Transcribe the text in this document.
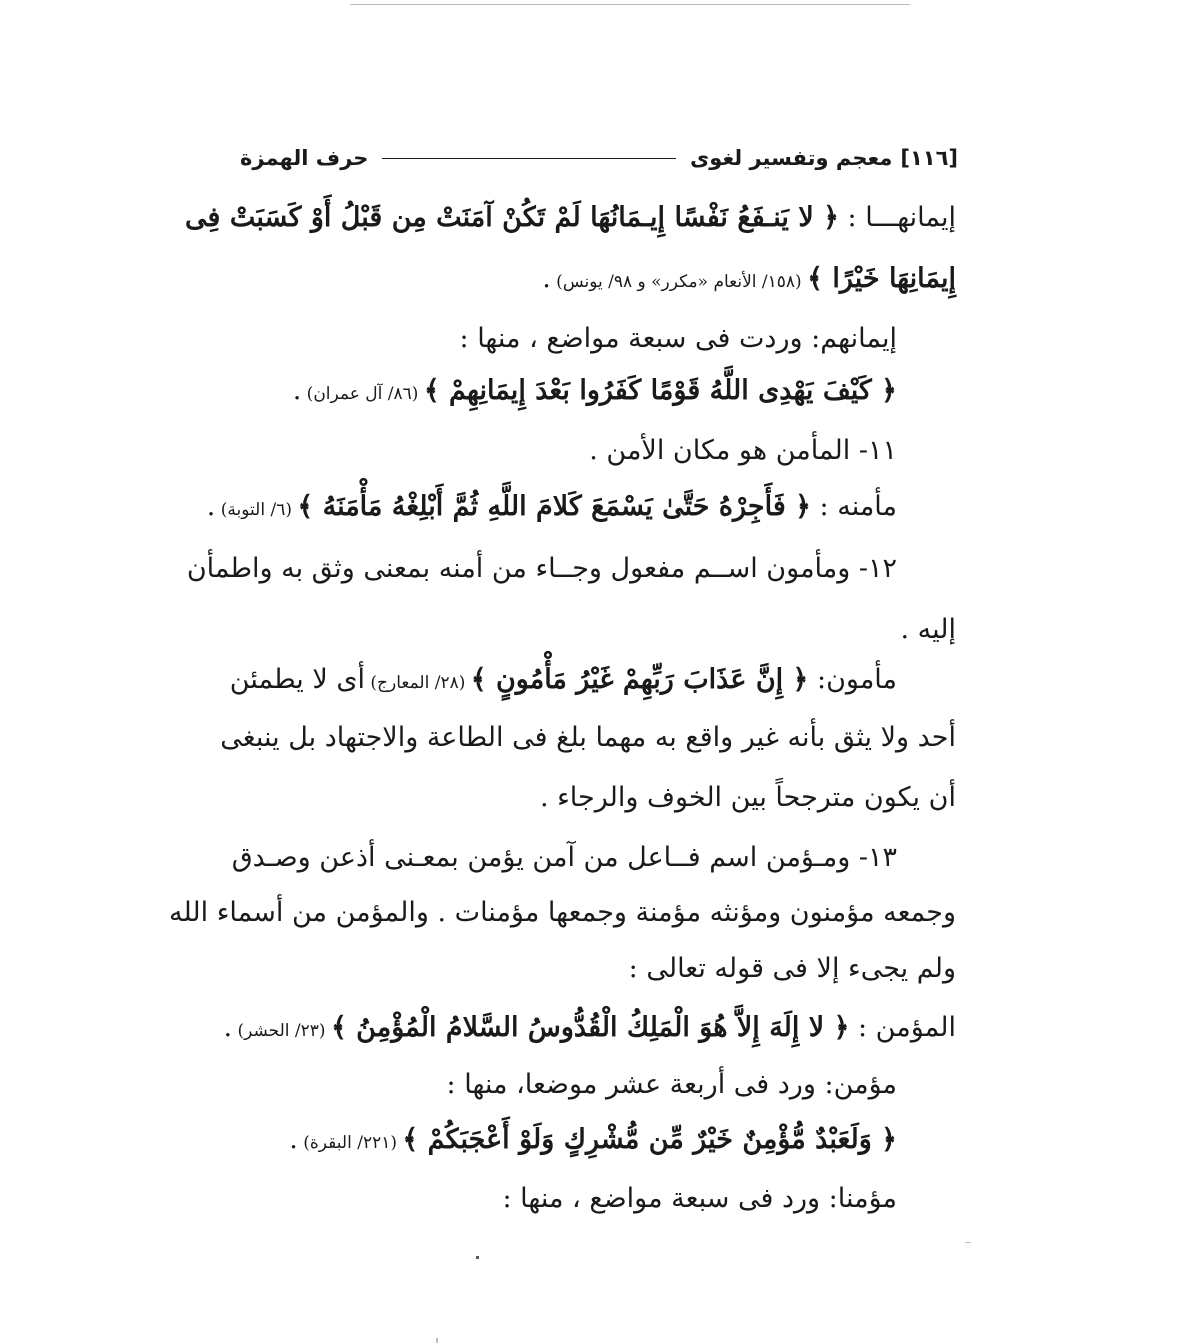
[١١٦]
معجم وتفسير لغوى
حرف الهمزة
إيمانهـــا : ﴿ لا يَنـفَعُ نَفْسًا إِيـمَانُهَا لَمْ تَكُنْ آمَنَتْ مِن قَبْلُ أَوْ كَسَبَتْ فِى
إِيمَانِهَا خَيْرًا ﴾ (١٥٨/ الأنعام «مكرر» و ٩٨/ يونس) .
إيمانهم: وردت فى سبعة مواضع ، منها :
﴿ كَيْفَ يَهْدِى اللَّهُ قَوْمًا كَفَرُوا بَعْدَ إِيمَانِهِمْ ﴾ (٨٦/ آل عمران) .
١١- المأمن هو مكان الأمن .
مأمنه : ﴿ فَأَجِرْهُ حَتَّىٰ يَسْمَعَ كَلامَ اللَّهِ ثُمَّ أَبْلِغْهُ مَأْمَنَهُ ﴾ (٦/ التوبة) .
١٢- ومأمون اســم مفعول وجــاء من أمنه بمعنى وثق به واطمأن
إليه .
مأمون: ﴿ إِنَّ عَذَابَ رَبِّهِمْ غَيْرُ مَأْمُونٍ ﴾ (٢٨/ المعارج) أى لا يطمئن
أحد ولا يثق بأنه غير واقع به مهما بلغ فى الطاعة والاجتهاد بل ينبغى
أن يكون مترجحاً بين الخوف والرجاء .
١٣- ومـؤمن اسم فــاعل من آمن يؤمن بمعـنى أذعن وصـدق
وجمعه مؤمنون ومؤنثه مؤمنة وجمعها مؤمنات . والمؤمن من أسماء الله
ولم يجىء إلا فى قوله تعالى :
المؤمن : ﴿ لا إِلَهَ إِلاَّ هُوَ الْمَلِكُ الْقُدُّوسُ السَّلامُ الْمُؤْمِنُ ﴾ (٢٣/ الحشر) .
مؤمن: ورد فى أربعة عشر موضعا، منها :
﴿ وَلَعَبْدٌ مُّؤْمِنٌ خَيْرٌ مِّن مُّشْرِكٍ وَلَوْ أَعْجَبَكُمْ ﴾ (٢٢١/ البقرة) .
مؤمنا: ورد فى سبعة مواضع ، منها :
